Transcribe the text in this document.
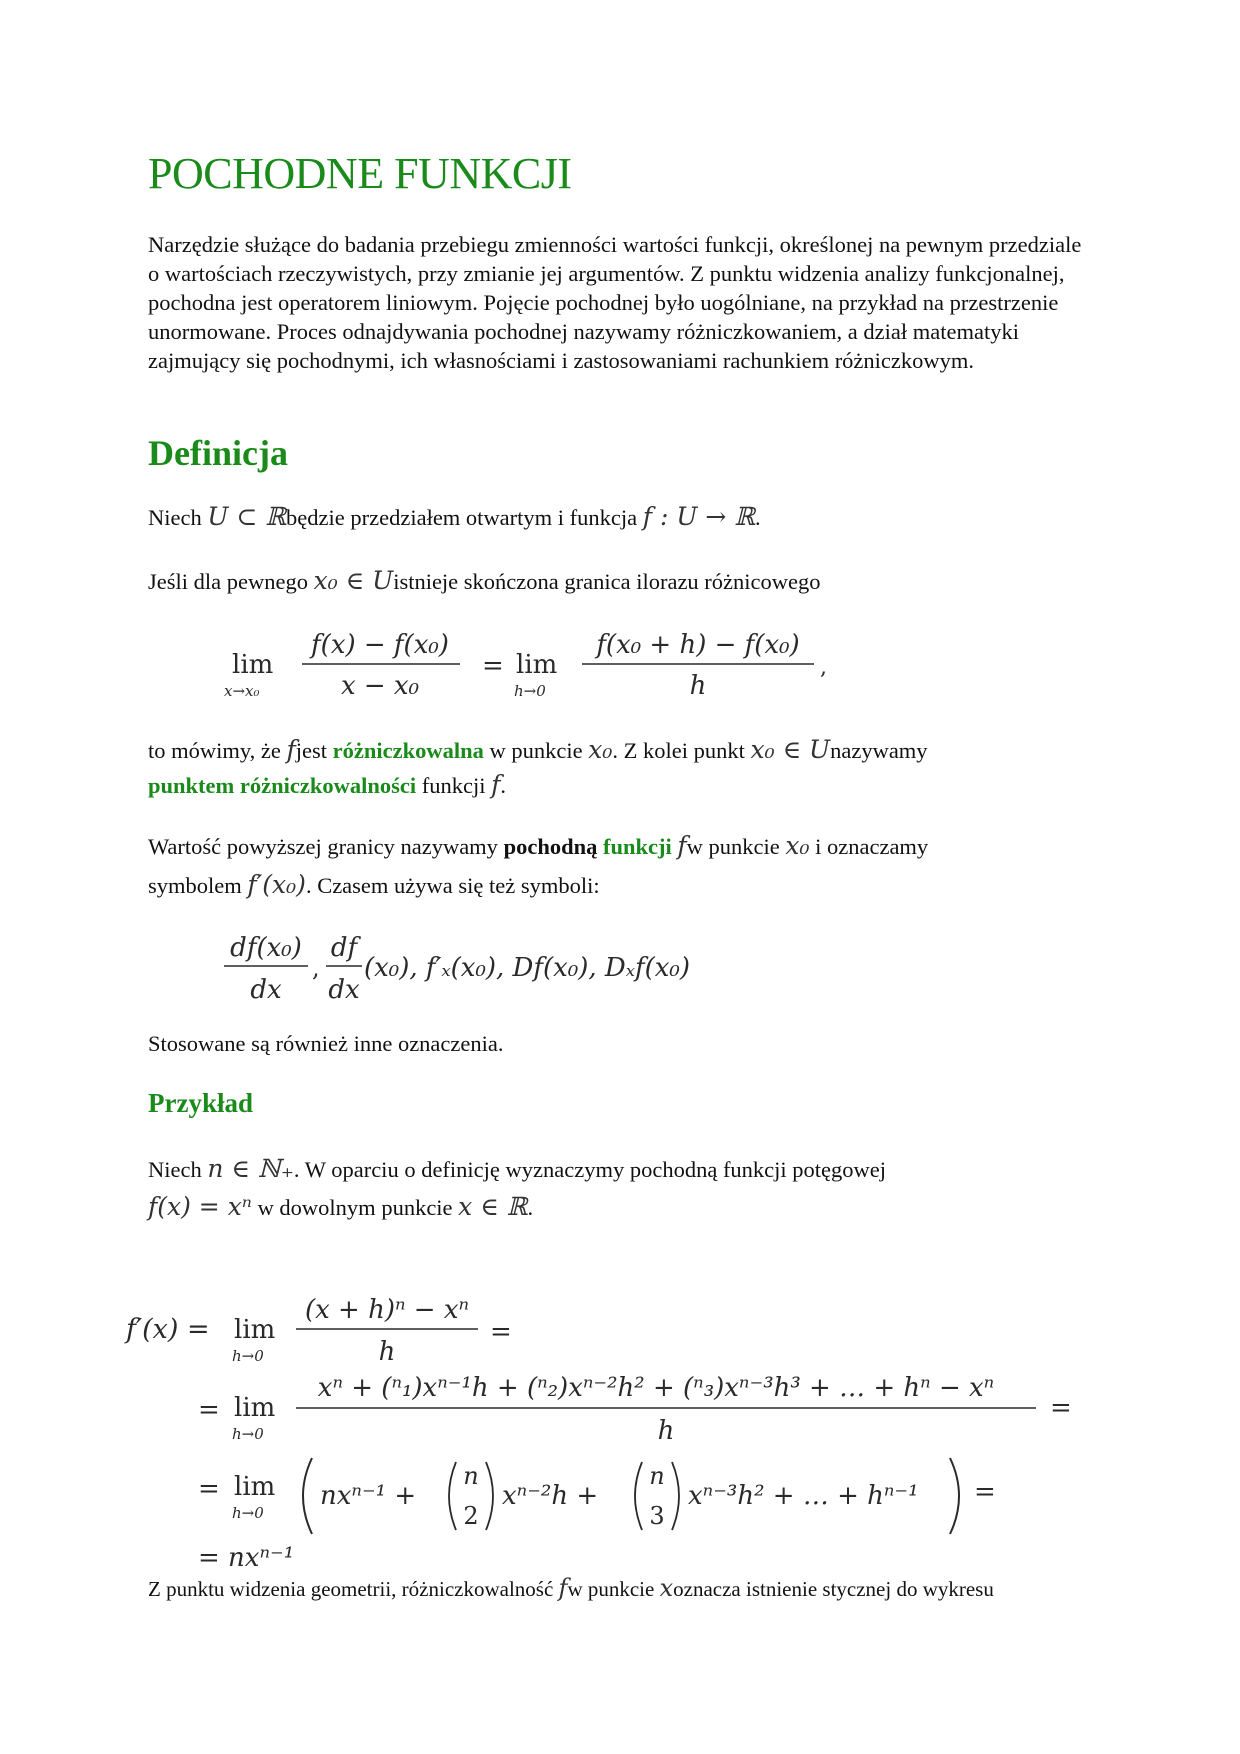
POCHODNE FUNKCJI

Narzędzie służące do badania przebiegu zmienności wartości funkcji, określonej na pewnym przedziale o wartościach rzeczywistych, przy zmianie jej argumentów. Z punktu widzenia analizy funkcjonalnej, pochodna jest operatorem liniowym. Pojęcie pochodnej było uogólniane, na przykład na przestrzenie unormowane. Proces odnajdywania pochodnej nazywamy różniczkowaniem, a dział matematyki zajmujący się pochodnymi, ich własnościami i zastosowaniami rachunkiem różniczkowym.

Definicja
Niech U ⊂ ℝbędzie przedziałem otwartym i funkcja f : U → ℝ.
Jeśli dla pewnego x₀ ∈ Uistnieje skończona granica ilorazu różnicowego
lim
x→x₀
f(x) − f(x₀)
x − x₀
= lim
h→0
f(x₀ + h) − f(x₀)
h
,
to mówimy, że fjest różniczkowalna w punkcie x₀. Z kolei punkt x₀ ∈ Unazywamy
punktem różniczkowalności funkcji f.
Wartość powyższej granicy nazywamy pochodną funkcji fw punkcie x₀ i oznaczamy
symbolem f′(x₀). Czasem używa się też symboli:
df(x₀)
dx
,
df
dx
(x₀), f′ₓ(x₀), Df(x₀), Dₓf(x₀)
Stosowane są również inne oznaczenia.
Przykład
Niech n ∈ ℕ₊. W oparciu o definicję wyznaczymy pochodną funkcji potęgowej
f(x) = xⁿ w dowolnym punkcie x ∈ ℝ.
f′(x) = lim
h→0
(x + h)ⁿ − xⁿ
h
=
= lim
h→0
xⁿ + (ⁿ₁)xⁿ⁻¹h + (ⁿ₂)xⁿ⁻²h² + (ⁿ₃)xⁿ⁻³h³ + … + hⁿ − xⁿ
h
=
= lim
h→0
nxⁿ⁻¹ +
n
2
xⁿ⁻²h +
n
3
xⁿ⁻³h² + … + hⁿ⁻¹ =
= nxⁿ⁻¹
Z punktu widzenia geometrii, różniczkowalność fw punkcie xoznacza istnienie stycznej do wykresu
